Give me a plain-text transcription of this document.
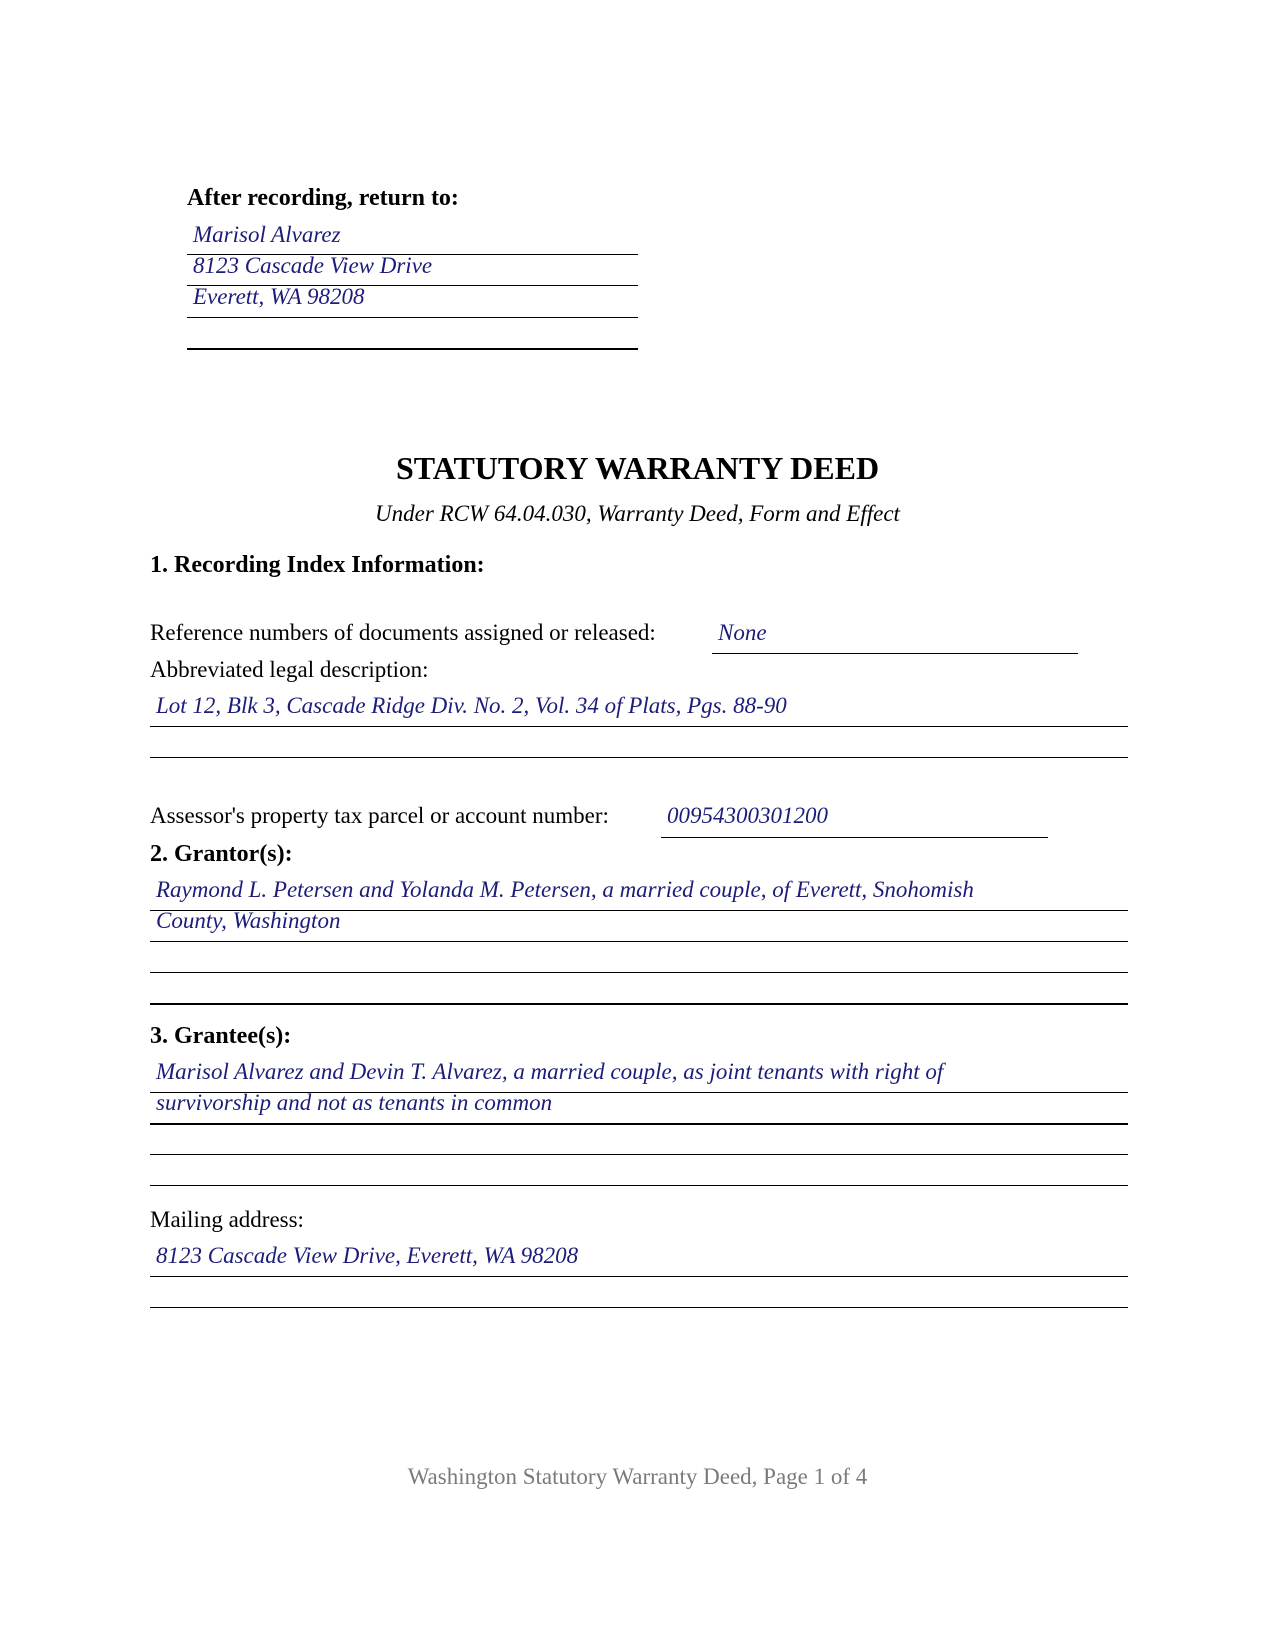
After recording, return to:
Marisol Alvarez
8123 Cascade View Drive
Everett, WA 98208
STATUTORY WARRANTY DEED
Under RCW 64.04.030, Warranty Deed, Form and Effect
1. Recording Index Information:
Reference numbers of documents assigned or released:	None
Abbreviated legal description:
Lot 12, Blk 3, Cascade Ridge Div. No. 2, Vol. 34 of Plats, Pgs. 88-90
Assessor's property tax parcel or account number:	00954300301200
2. Grantor(s):
Raymond L. Petersen and Yolanda M. Petersen, a married couple, of Everett, Snohomish
County, Washington
3. Grantee(s):
Marisol Alvarez and Devin T. Alvarez, a married couple, as joint tenants with right of
survivorship and not as tenants in common
Mailing address:
8123 Cascade View Drive, Everett, WA 98208
Washington Statutory Warranty Deed, Page 1 of 4
